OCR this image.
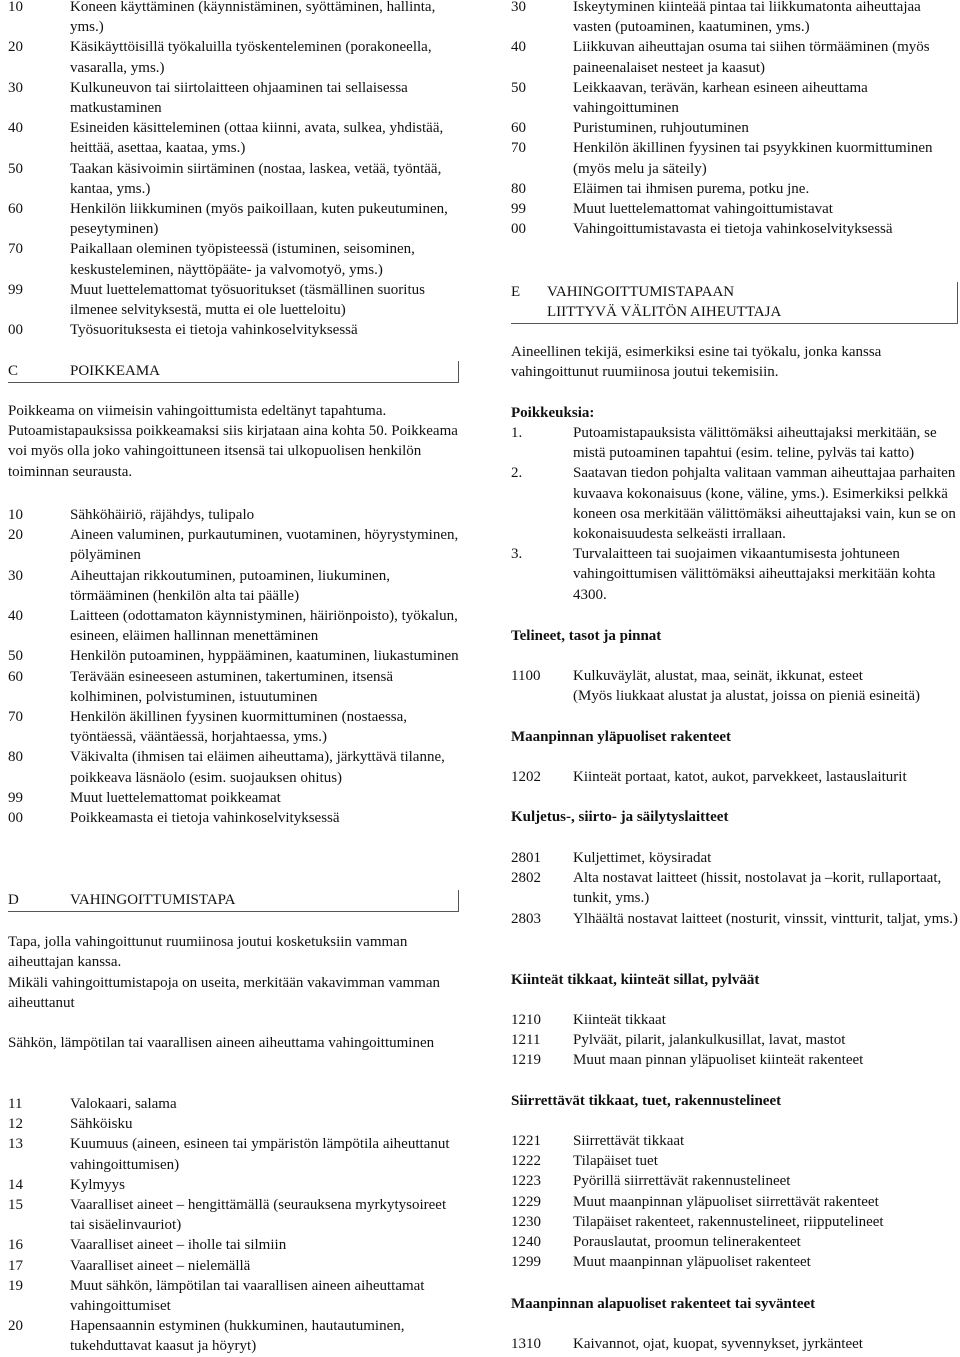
10	Koneen käyttäminen (käynnistäminen, syöttäminen, hallinta, yms.)
20	Käsikäyttöisillä työkaluilla työskenteleminen (porakoneella, vasaralla, yms.)
30	Kulkuneuvon tai siirtolaitteen ohjaaminen tai sellaisessa matkustaminen
40	Esineiden käsitteleminen (ottaa kiinni, avata, sulkea, yhdistää, heittää, asettaa, kaataa, yms.)
50	Taakan käsivoimin siirtäminen (nostaa, laskea, vetää, työntää, kantaa, yms.)
60	Henkilön liikkuminen (myös paikoillaan, kuten pukeutuminen, peseytyminen)
70	Paikallaan oleminen työpisteessä (istuminen, seisominen, keskusteleminen, näyttöpääte- ja valvomotyö, yms.)
99	Muut luettelemattomat työsuoritukset (täsmällinen suoritus ilmenee selvityksestä, mutta ei ole luetteloitu)
00	Työsuorituksesta ei tietoja vahinkoselvityksessä
C	POIKKEAMA

Poikkeama on viimeisin vahingoittumista edeltänyt tapahtuma. Putoamistapauksissa poikkeamaksi siis kirjataan aina kohta 50. Poikkeama voi myös olla joko vahingoittuneen itsensä tai ulkopuolisen henkilön toiminnan seurausta.

10	Sähköhäiriö, räjähdys, tulipalo
20	Aineen valuminen, purkautuminen, vuotaminen, höyrystyminen, pölyäminen
30	Aiheuttajan rikkoutuminen, putoaminen, liukuminen, törmääminen (henkilön alta tai päälle)
40	Laitteen (odottamaton käynnistyminen, häiriönpoisto), työkalun, esineen, eläimen hallinnan menettäminen
50	Henkilön putoaminen, hyppääminen, kaatuminen, liukastuminen
60	Terävään esineeseen astuminen, takertuminen, itsensä kolhiminen, polvistuminen, istuutuminen
70	Henkilön äkillinen fyysinen kuormittuminen (nostaessa, työntäessä, vääntäessä, horjahtaessa, yms.)
80	Väkivalta (ihmisen tai eläimen aiheuttama), järkyttävä tilanne, poikkeava läsnäolo (esim. suojauksen ohitus)
99	Muut luettelemattomat poikkeamat
00	Poikkeamasta ei tietoja vahinkoselvityksessä
D	VAHINGOITTUMISTAPA

Tapa, jolla vahingoittunut ruumiinosa joutui kosketuksiin vamman aiheuttajan kanssa.

Mikäli vahingoittumistapoja on useita, merkitään vakavimman vamman aiheuttanut

Sähkön, lämpötilan tai vaarallisen aineen aiheuttama vahingoittuminen

11	Valokaari, salama
12	Sähköisku
13	Kuumuus (aineen, esineen tai ympäristön lämpötila aiheuttanut vahingoittumisen)
14	Kylmyys
15	Vaaralliset aineet – hengittämällä (seurauksena myrkytysoireet tai sisäelinvauriot)
16	Vaaralliset aineet – iholle tai silmiin
17	Vaaralliset aineet – nielemällä
19	Muut sähkön, lämpötilan tai vaarallisen aineen aiheuttamat vahingoittumiset
20	Hapensaannin estyminen (hukkuminen, hautautuminen, tukehduttavat kaasut ja höyryt)
30	Iskeytyminen kiinteää pintaa tai liikkumatonta aiheuttajaa vasten (putoaminen, kaatuminen, yms.)
40	Liikkuvan aiheuttajan osuma tai siihen törmääminen (myös paineenalaiset nesteet ja kaasut)
50	Leikkaavan, terävän, karhean esineen aiheuttama vahingoittuminen
60	Puristuminen, ruhjoutuminen
70	Henkilön äkillinen fyysinen tai psyykkinen kuormittuminen (myös melu ja säteily)
80	Eläimen tai ihmisen purema, potku jne.
99	Muut luettelemattomat vahingoittumistavat
00	Vahingoittumistavasta ei tietoja vahinkoselvityksessä
E	VAHINGOITTUMISTAPAAN LIITTYVÄ VÄLITÖN AIHEUTTAJA

Aineellinen tekijä, esimerkiksi esine tai työkalu, jonka kanssa vahingoittunut ruumiinosa joutui tekemisiin.

Poikkeuksia:
1.	Putoamistapauksista välittömäksi aiheuttajaksi merkitään, se mistä putoaminen tapahtui (esim. teline, pylväs tai katto)
2.	Saatavan tiedon pohjalta valitaan vamman aiheuttajaa parhaiten kuvaava kokonaisuus (kone, väline, yms.). Esimerkiksi pelkkä koneen osa merkitään välittömäksi aiheuttajaksi vain, kun se on kokonaisuudesta selkeästi irrallaan.
3.	Turvalaitteen tai suojaimen vikaantumisesta johtuneen vahingoittumisen välittömäksi aiheuttajaksi merkitään kohta 4300.
Telineet, tasot ja pinnat
1100	Kulkuväylät, alustat, maa, seinät, ikkunat, esteet
(Myös liukkaat alustat ja alustat, joissa on pieniä esineitä)
Maanpinnan yläpuoliset rakenteet
1202	Kiinteät portaat, katot, aukot, parvekkeet, lastauslaiturit
Kuljetus-, siirto- ja säilytyslaitteet
2801	Kuljettimet, köysiradat
2802	Alta nostavat laitteet (hissit, nostolavat ja –korit, rullaportaat, tunkit, yms.)
2803	Ylhäältä nostavat laitteet (nosturit, vinssit, vintturit, taljat, yms.)
Kiinteät tikkaat, kiinteät sillat, pylväät
1210	Kiinteät tikkaat
1211	Pylväät, pilarit, jalankulkusillat, lavat, mastot
1219	Muut maan pinnan yläpuoliset kiinteät rakenteet
Siirrettävät tikkaat, tuet, rakennustelineet
1221	Siirrettävät tikkaat
1222	Tilapäiset tuet
1223	Pyörillä siirrettävät rakennustelineet
1229	Muut maanpinnan yläpuoliset siirrettävät rakenteet
1230	Tilapäiset rakenteet, rakennustelineet, riipputelineet
1240	Porauslautat, proomun telinerakenteet
1299	Muut maanpinnan yläpuoliset rakenteet
Maanpinnan alapuoliset rakenteet tai syvänteet
1310	Kaivannot, ojat, kuopat, syvennykset, jyrkänteet
